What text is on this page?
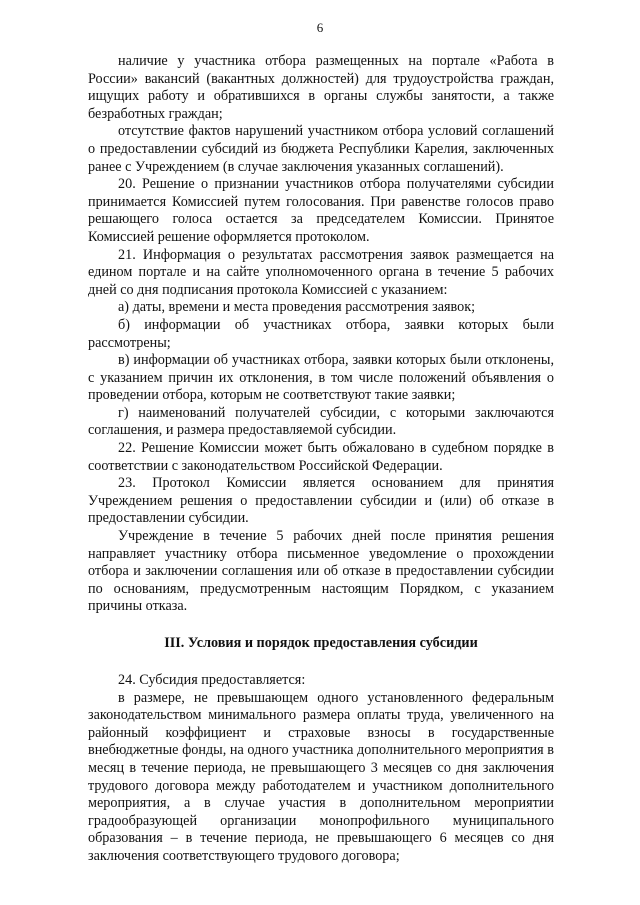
6

наличие у участника отбора размещенных на портале «Работа в России» вакансий (вакантных должностей) для трудоустройства граждан, ищущих работу и обратившихся в органы службы занятости, а также безработных граждан;

отсутствие фактов нарушений участником отбора условий соглашений о предоставлении субсидий из бюджета Республики Карелия, заключенных ранее с Учреждением (в случае заключения указанных соглашений).

20. Решение о признании участников отбора получателями субсидии принимается Комиссией путем голосования. При равенстве голосов право решающего голоса остается за председателем Комиссии. Принятое Комиссией решение оформляется протоколом.

21. Информация о результатах рассмотрения заявок размещается на едином портале и на сайте уполномоченного органа в течение 5 рабочих дней со дня подписания протокола Комиссией с указанием:

а) даты, времени и места проведения рассмотрения заявок;

б) информации об участниках отбора, заявки которых были рассмотрены;

в) информации об участниках отбора, заявки которых были отклонены, с указанием причин их отклонения, в том числе положений объявления о проведении отбора, которым не соответствуют такие заявки;

г) наименований получателей субсидии, с которыми заключаются соглашения, и размера предоставляемой субсидии.

22. Решение Комиссии может быть обжаловано в судебном порядке в соответствии с законодательством Российской Федерации.

23. Протокол Комиссии является основанием для принятия Учреждением решения о предоставлении субсидии и (или) об отказе в предоставлении субсидии.

Учреждение в течение 5 рабочих дней после принятия решения направляет участнику отбора письменное уведомление о прохождении отбора и заключении соглашения или об отказе в предоставлении субсидии по основаниям, предусмотренным настоящим Порядком, с указанием причины отказа.

III. Условия и порядок предоставления субсидии

24. Субсидия предоставляется:

в размере, не превышающем одного установленного федеральным законодательством минимального размера оплаты труда, увеличенного на районный коэффициент и страховые взносы в государственные внебюджетные фонды, на одного участника дополнительного мероприятия в месяц в течение периода, не превышающего 3 месяцев со дня заключения трудового договора между работодателем и участником дополнительного мероприятия, а в случае участия в дополнительном мероприятии градообразующей организации монопрофильного муниципального образования – в течение периода, не превышающего 6 месяцев со дня заключения соответствующего трудового договора;
